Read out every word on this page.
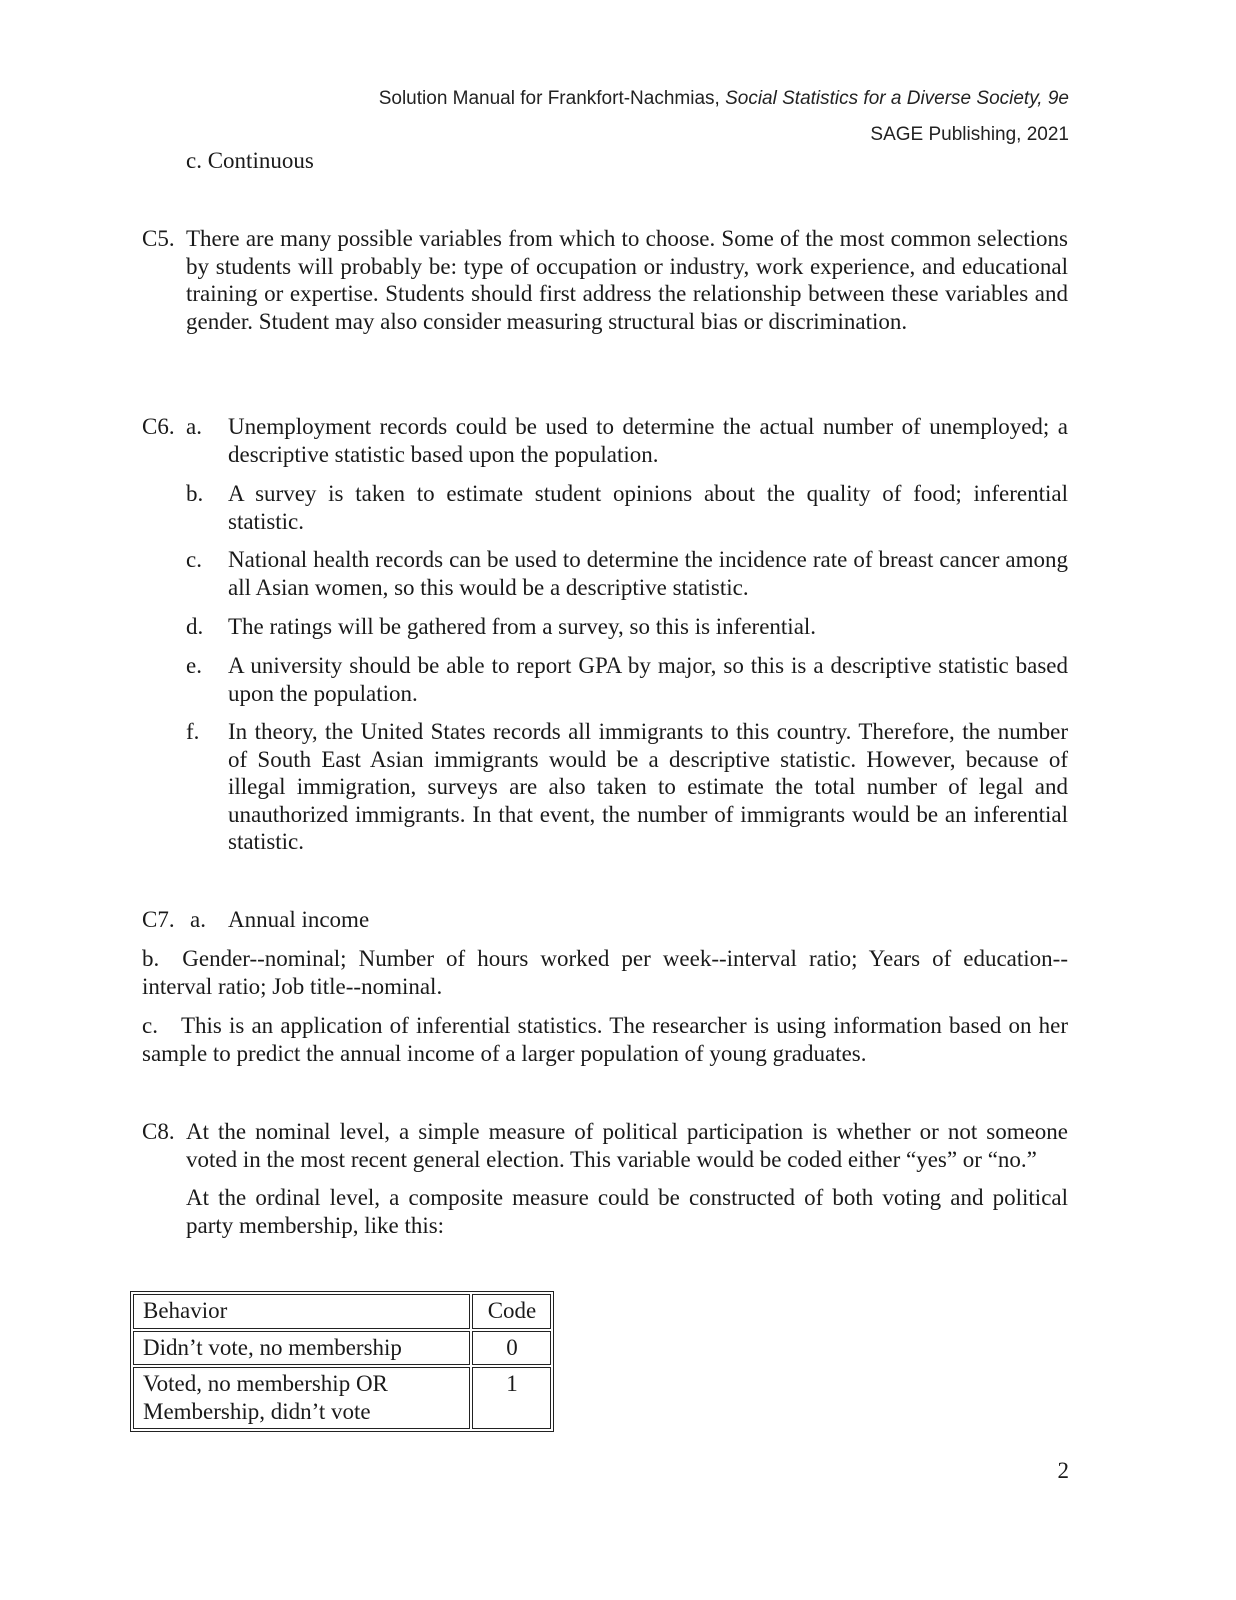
Solution Manual for Frankfort-Nachmias, Social Statistics for a Diverse Society, 9e
SAGE Publishing, 2021
c. Continuous
C5. There are many possible variables from which to choose. Some of the most common selections by students will probably be: type of occupation or industry, work experience, and educational training or expertise. Students should first address the relationship between these variables and gender. Student may also consider measuring structural bias or discrimination.
C6. a. Unemployment records could be used to determine the actual number of unemployed; a descriptive statistic based upon the population.
b. A survey is taken to estimate student opinions about the quality of food; inferential statistic.
c. National health records can be used to determine the incidence rate of breast cancer among all Asian women, so this would be a descriptive statistic.
d. The ratings will be gathered from a survey, so this is inferential.
e. A university should be able to report GPA by major, so this is a descriptive statistic based upon the population.
f. In theory, the United States records all immigrants to this country. Therefore, the number of South East Asian immigrants would be a descriptive statistic. However, because of illegal immigration, surveys are also taken to estimate the total number of legal and unauthorized immigrants. In that event, the number of immigrants would be an inferential statistic.
C7. a. Annual income
b. Gender--nominal; Number of hours worked per week--interval ratio; Years of education--interval ratio; Job title--nominal.
c. This is an application of inferential statistics. The researcher is using information based on her sample to predict the annual income of a larger population of young graduates.
C8. At the nominal level, a simple measure of political participation is whether or not someone voted in the most recent general election. This variable would be coded either “yes” or “no.”
At the ordinal level, a composite measure could be constructed of both voting and political party membership, like this:
Behavior	Code
Didn’t vote, no membership	0
Voted, no membership OR
Membership, didn’t vote	1
2
